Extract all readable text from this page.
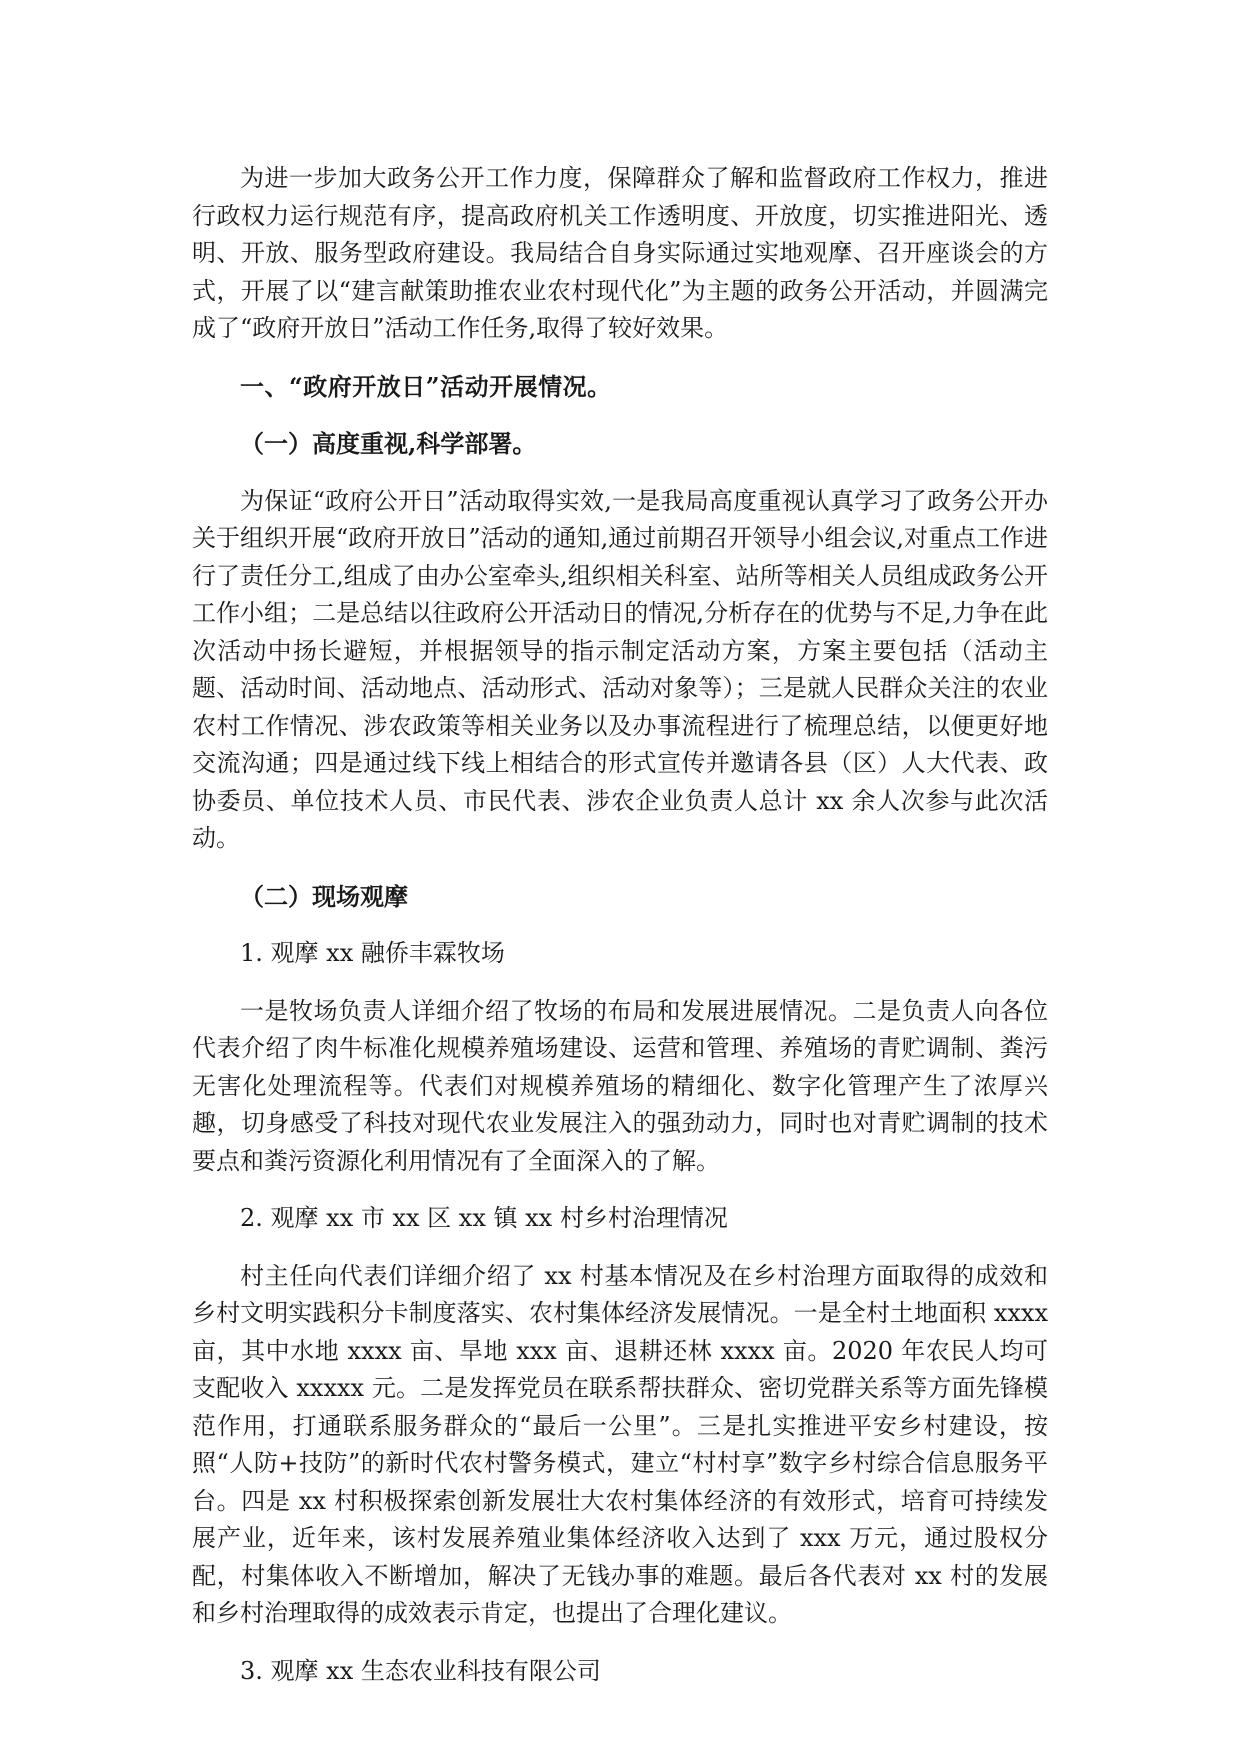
为进一步加大政务公开工作力度，保障群众了解和监督政府工作权力，推进行政权力运行规范有序，提高政府机关工作透明度、开放度，切实推进阳光、透明、开放、服务型政府建设。我局结合自身实际通过实地观摩、召开座谈会的方式，开展了以“建言献策助推农业农村现代化”为主题的政务公开活动，并圆满完成了“政府开放日”活动工作任务,取得了较好效果。

一、“政府开放日”活动开展情况。

（一）高度重视,科学部署。

为保证“政府公开日”活动取得实效,一是我局高度重视认真学习了政务公开办关于组织开展“政府开放日”活动的通知,通过前期召开领导小组会议,对重点工作进行了责任分工,组成了由办公室牵头,组织相关科室、站所等相关人员组成政务公开工作小组；二是总结以往政府公开活动日的情况,分析存在的优势与不足,力争在此次活动中扬长避短，并根据领导的指示制定活动方案，方案主要包括（活动主题、活动时间、活动地点、活动形式、活动对象等）；三是就人民群众关注的农业农村工作情况、涉农政策等相关业务以及办事流程进行了梳理总结，以便更好地交流沟通；四是通过线下线上相结合的形式宣传并邀请各县（区）人大代表、政协委员、单位技术人员、市民代表、涉农企业负责人总计 xx 余人次参与此次活动。

（二）现场观摩

1. 观摩 xx 融侨丰霖牧场

一是牧场负责人详细介绍了牧场的布局和发展进展情况。二是负责人向各位代表介绍了肉牛标准化规模养殖场建设、运营和管理、养殖场的青贮调制、粪污无害化处理流程等。代表们对规模养殖场的精细化、数字化管理产生了浓厚兴趣，切身感受了科技对现代农业发展注入的强劲动力，同时也对青贮调制的技术要点和粪污资源化利用情况有了全面深入的了解。

2. 观摩 xx 市 xx 区 xx 镇 xx 村乡村治理情况

村主任向代表们详细介绍了 xx 村基本情况及在乡村治理方面取得的成效和乡村文明实践积分卡制度落实、农村集体经济发展情况。一是全村土地面积 xxxx 亩，其中水地 xxxx 亩、旱地 xxx 亩、退耕还林 xxxx 亩。2020 年农民人均可支配收入 xxxxx 元。二是发挥党员在联系帮扶群众、密切党群关系等方面先锋模范作用，打通联系服务群众的“最后一公里”。三是扎实推进平安乡村建设，按照“人防+技防”的新时代农村警务模式，建立“村村享”数字乡村综合信息服务平台。四是 xx 村积极探索创新发展壮大农村集体经济的有效形式，培育可持续发展产业，近年来，该村发展养殖业集体经济收入达到了 xxx 万元，通过股权分配，村集体收入不断增加，解决了无钱办事的难题。最后各代表对 xx 村的发展和乡村治理取得的成效表示肯定，也提出了合理化建议。

3. 观摩 xx 生态农业科技有限公司
